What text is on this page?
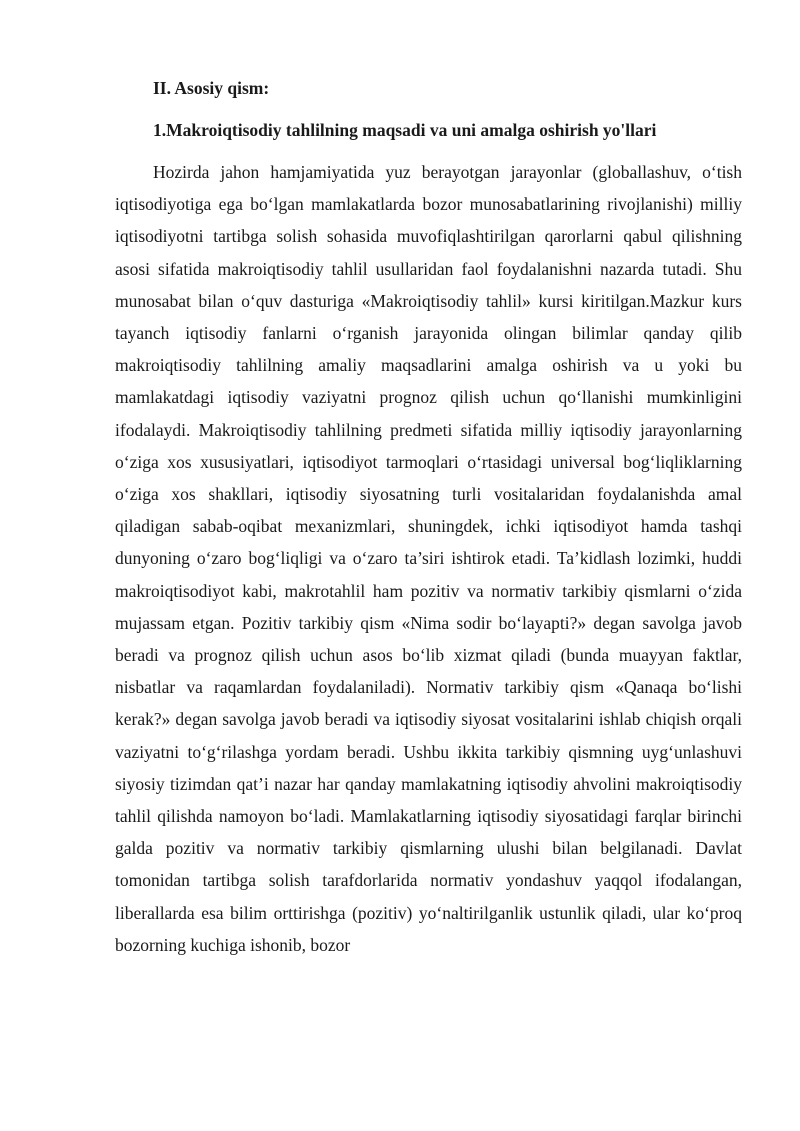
II. Asosiy qism:

1.Makroiqtisodiy tahlilning maqsadi va uni amalga oshirish yo'llari

Hozirda jahon hamjamiyatida yuz berayotgan jarayonlar (globallashuv, o‘tish iqtisodiyotiga ega bo‘lgan mamlakatlarda bozor munosabatlarining rivojlanishi) milliy iqtisodiyotni tartibga solish sohasida muvofiqlashtirilgan qarorlarni qabul qilishning asosi sifatida makroiqtisodiy tahlil usullaridan faol foydalanishni nazarda tutadi. Shu munosabat bilan o‘quv dasturiga «Makroiqtisodiy tahlil» kursi kiritilgan.Mazkur kurs tayanch iqtisodiy fanlarni o‘rganish jarayonida olingan bilimlar qanday qilib makroiqtisodiy tahlilning amaliy maqsadlarini amalga oshirish va u yoki bu mamlakatdagi iqtisodiy vaziyatni prognoz qilish uchun qo‘llanishi mumkinligini ifodalaydi. Makroiqtisodiy tahlilning predmeti sifatida milliy iqtisodiy jarayonlarning o‘ziga xos xususiyatlari, iqtisodiyot tarmoqlari o‘rtasidagi universal bog‘liqliklarning o‘ziga xos shakllari, iqtisodiy siyosatning turli vositalaridan foydalanishda amal qiladigan sabab-oqibat mexanizmlari, shuningdek, ichki iqtisodiyot hamda tashqi dunyoning o‘zaro bog‘liqligi va o‘zaro ta’siri ishtirok etadi. Ta’kidlash lozimki, huddi makroiqtisodiyot kabi, makrotahlil ham pozitiv va normativ tarkibiy qismlarni o‘zida mujassam etgan. Pozitiv tarkibiy qism «Nima sodir bo‘layapti?» degan savolga javob beradi va prognoz qilish uchun asos bo‘lib xizmat qiladi (bunda muayyan faktlar, nisbatlar va raqamlardan foydalaniladi). Normativ tarkibiy qism «Qanaqa bo‘lishi kerak?» degan savolga javob beradi va iqtisodiy siyosat vositalarini ishlab chiqish orqali vaziyatni to‘g‘rilashga yordam beradi. Ushbu ikkita tarkibiy qismning uyg‘unlashuvi siyosiy tizimdan qat’i nazar har qanday mamlakatning iqtisodiy ahvolini makroiqtisodiy tahlil qilishda namoyon bo‘ladi. Mamlakatlarning iqtisodiy siyosatidagi farqlar birinchi galda pozitiv va normativ tarkibiy qismlarning ulushi bilan belgilanadi. Davlat tomonidan tartibga solish tarafdorlarida normativ yondashuv yaqqol ifodalangan, liberallarda esa bilim orttirishga (pozitiv) yo‘naltirilganlik ustunlik qiladi, ular ko‘proq bozorning kuchiga ishonib, bozor
